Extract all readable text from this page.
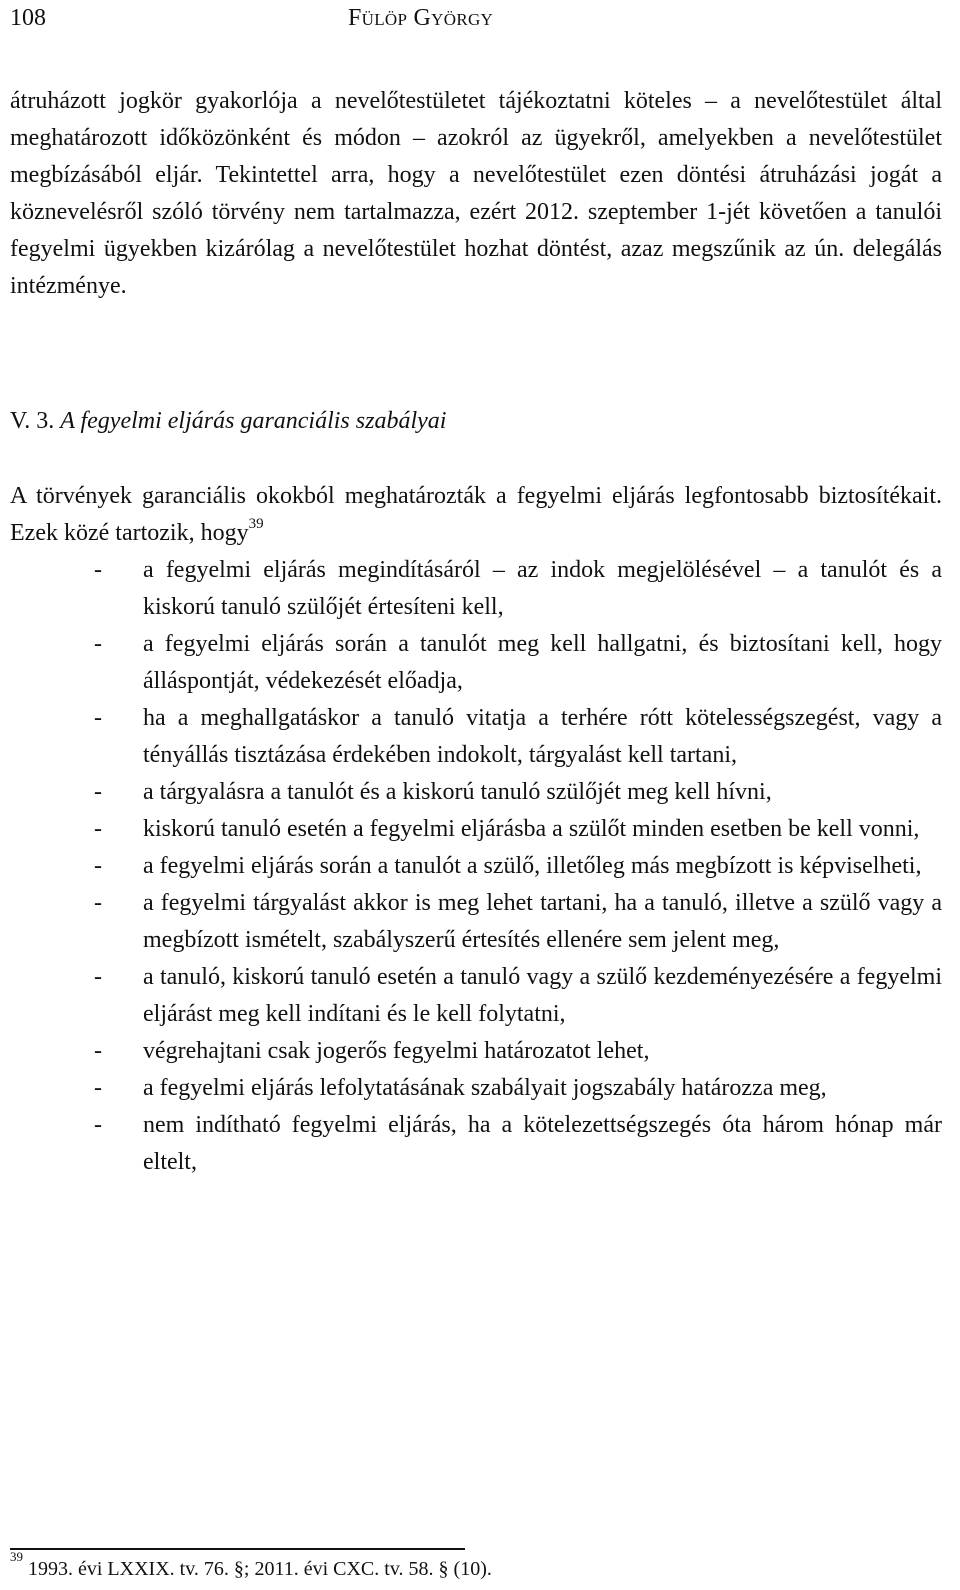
108	Fülöp György

átruházott jogkör gyakorlója a nevelőtestületet tájékoztatni köteles – a nevelőtestület által meghatározott időközönként és módon – azokról az ügyekről, amelyekben a nevelőtestület megbízásából eljár. Tekintettel arra, hogy a nevelőtestület ezen döntési átruházási jogát a köznevelésről szóló törvény nem tartalmazza, ezért 2012. szeptember 1-jét követően a tanulói fegyelmi ügyekben kizárólag a nevelőtestület hozhat döntést, azaz megszűnik az ún. delegálás intézménye.

V. 3. A fegyelmi eljárás garanciális szabályai

A törvények garanciális okokból meghatározták a fegyelmi eljárás legfontosabb biztosítékait. Ezek közé tartozik, hogy$^{39}$

- a fegyelmi eljárás megindításáról – az indok megjelölésével – a tanulót és a kiskorú tanuló szülőjét értesíteni kell,
- a fegyelmi eljárás során a tanulót meg kell hallgatni, és biztosítani kell, hogy álláspontját, védekezését előadja,
- ha a meghallgatáskor a tanuló vitatja a terhére rótt kötelességszegést, vagy a tényállás tisztázása érdekében indokolt, tárgyalást kell tartani,
- a tárgyalásra a tanulót és a kiskorú tanuló szülőjét meg kell hívni,
- kiskorú tanuló esetén a fegyelmi eljárásba a szülőt minden esetben be kell vonni,
- a fegyelmi eljárás során a tanulót a szülő, illetőleg más megbízott is képviselheti,
- a fegyelmi tárgyalást akkor is meg lehet tartani, ha a tanuló, illetve a szülő vagy a megbízott ismételt, szabályszerű értesítés ellenére sem jelent meg,
- a tanuló, kiskorú tanuló esetén a tanuló vagy a szülő kezdeményezésére a fegyelmi eljárást meg kell indítani és le kell folytatni,
- végrehajtani csak jogerős fegyelmi határozatot lehet,
- a fegyelmi eljárás lefolytatásának szabályait jogszabály határozza meg,
- nem indítható fegyelmi eljárás, ha a kötelezettségszegés óta három hónap már eltelt,

$^{39}$ 1993. évi LXXIX. tv. 76. §; 2011. évi CXC. tv. 58. § (10).
